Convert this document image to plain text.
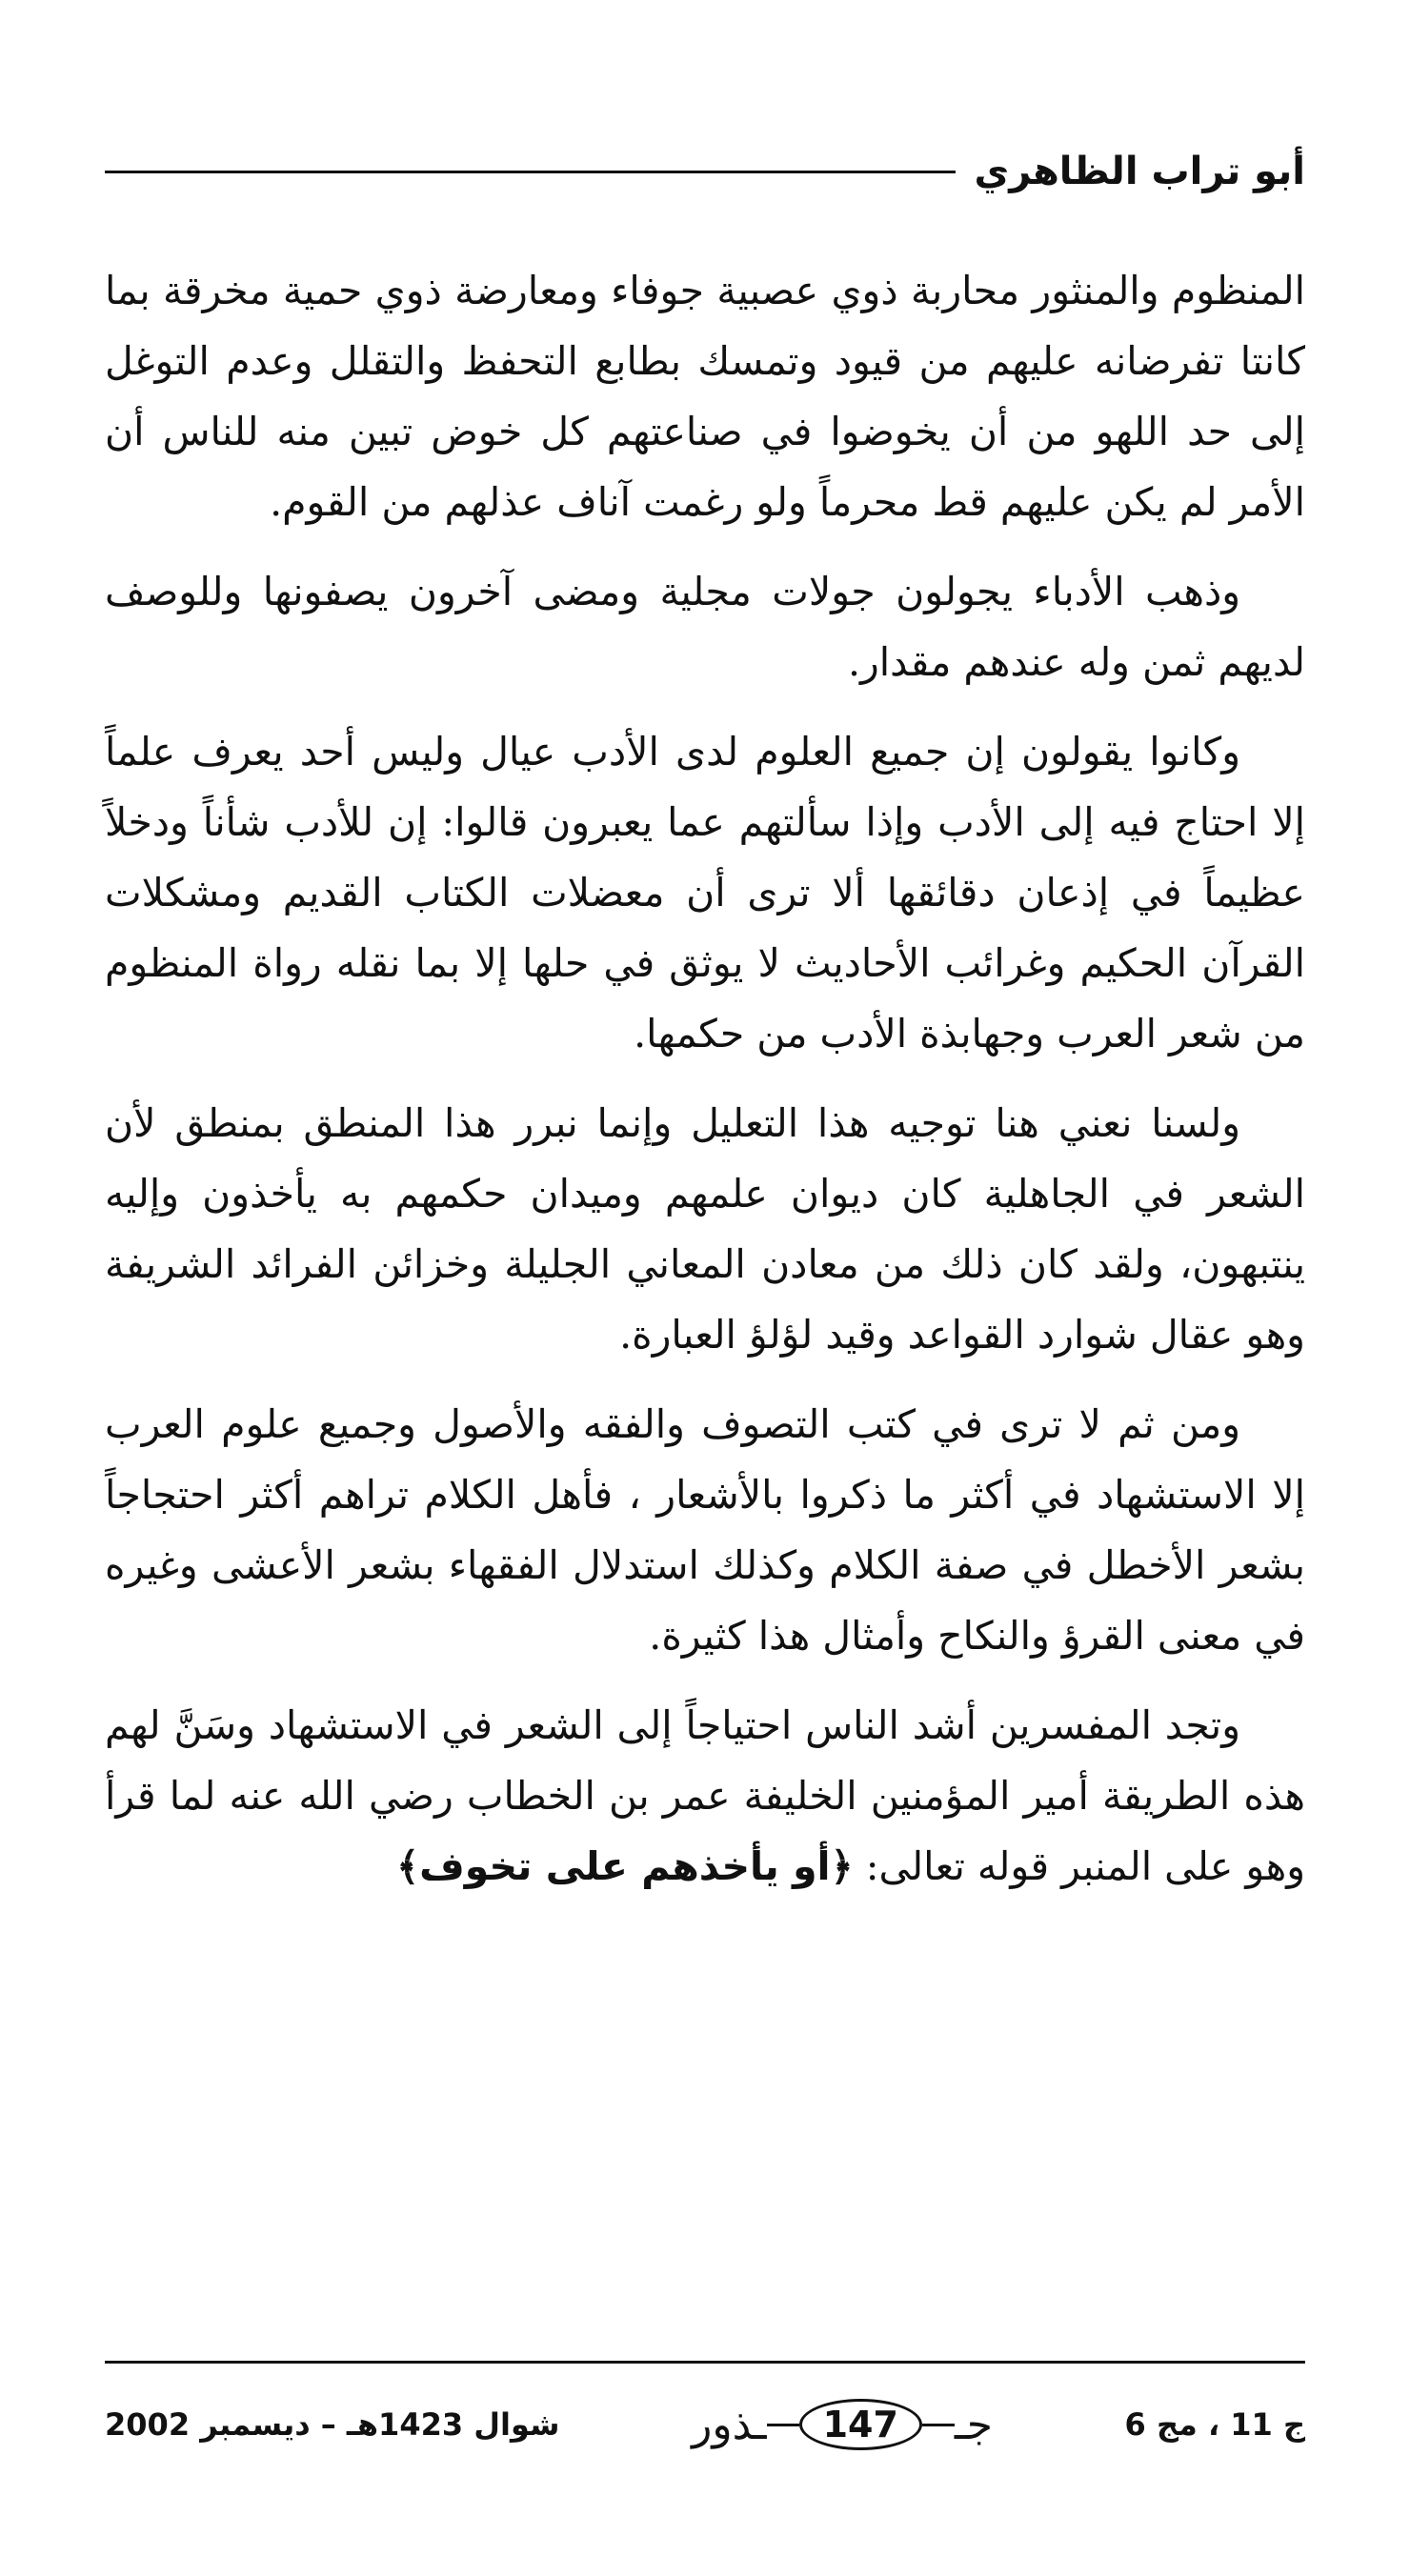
أبو تراب الظاهري

المنظوم والمنثور محاربة ذوي عصبية جوفاء ومعارضة ذوي حمية مخرقة بما كانتا تفرضانه عليهم من قيود وتمسك بطابع التحفظ والتقلل وعدم التوغل إلى حد اللهو من أن يخوضوا في صناعتهم كل خوض تبين منه للناس أن الأمر لم يكن عليهم قط محرماً ولو رغمت آناف عذلهم من القوم.

وذهب الأدباء يجولون جولات مجلية ومضى آخرون يصفونها وللوصف لديهم ثمن وله عندهم مقدار.

وكانوا يقولون إن جميع العلوم لدى الأدب عيال وليس أحد يعرف علماً إلا احتاج فيه إلى الأدب وإذا سألتهم عما يعبرون قالوا: إن للأدب شأناً ودخلاً عظيماً في إذعان دقائقها ألا ترى أن معضلات الكتاب القديم ومشكلات القرآن الحكيم وغرائب الأحاديث لا يوثق في حلها إلا بما نقله رواة المنظوم من شعر العرب وجهابذة الأدب من حكمها.

ولسنا نعني هنا توجيه هذا التعليل وإنما نبرر هذا المنطق بمنطق لأن الشعر في الجاهلية كان ديوان علمهم وميدان حكمهم به يأخذون وإليه ينتبهون، ولقد كان ذلك من معادن المعاني الجليلة وخزائن الفرائد الشريفة وهو عقال شوارد القواعد وقيد لؤلؤ العبارة.

ومن ثم لا ترى في كتب التصوف والفقه والأصول وجميع علوم العرب إلا الاستشهاد في أكثر ما ذكروا بالأشعار ، فأهل الكلام تراهم أكثر احتجاجاً بشعر الأخطل في صفة الكلام وكذلك استدلال الفقهاء بشعر الأعشى وغيره في معنى القرؤ والنكاح وأمثال هذا كثيرة.

وتجد المفسرين أشد الناس احتياجاً إلى الشعر في الاستشهاد وسَنَّ لهم هذه الطريقة أمير المؤمنين الخليفة عمر بن الخطاب رضي الله عنه لما قرأ وهو على المنبر قوله تعالى: ﴿أو يأخذهم على تخوف﴾

ج 11 ، مج 6
جـ
147
ـذور
شوال 1423هـ – ديسمبر 2002
